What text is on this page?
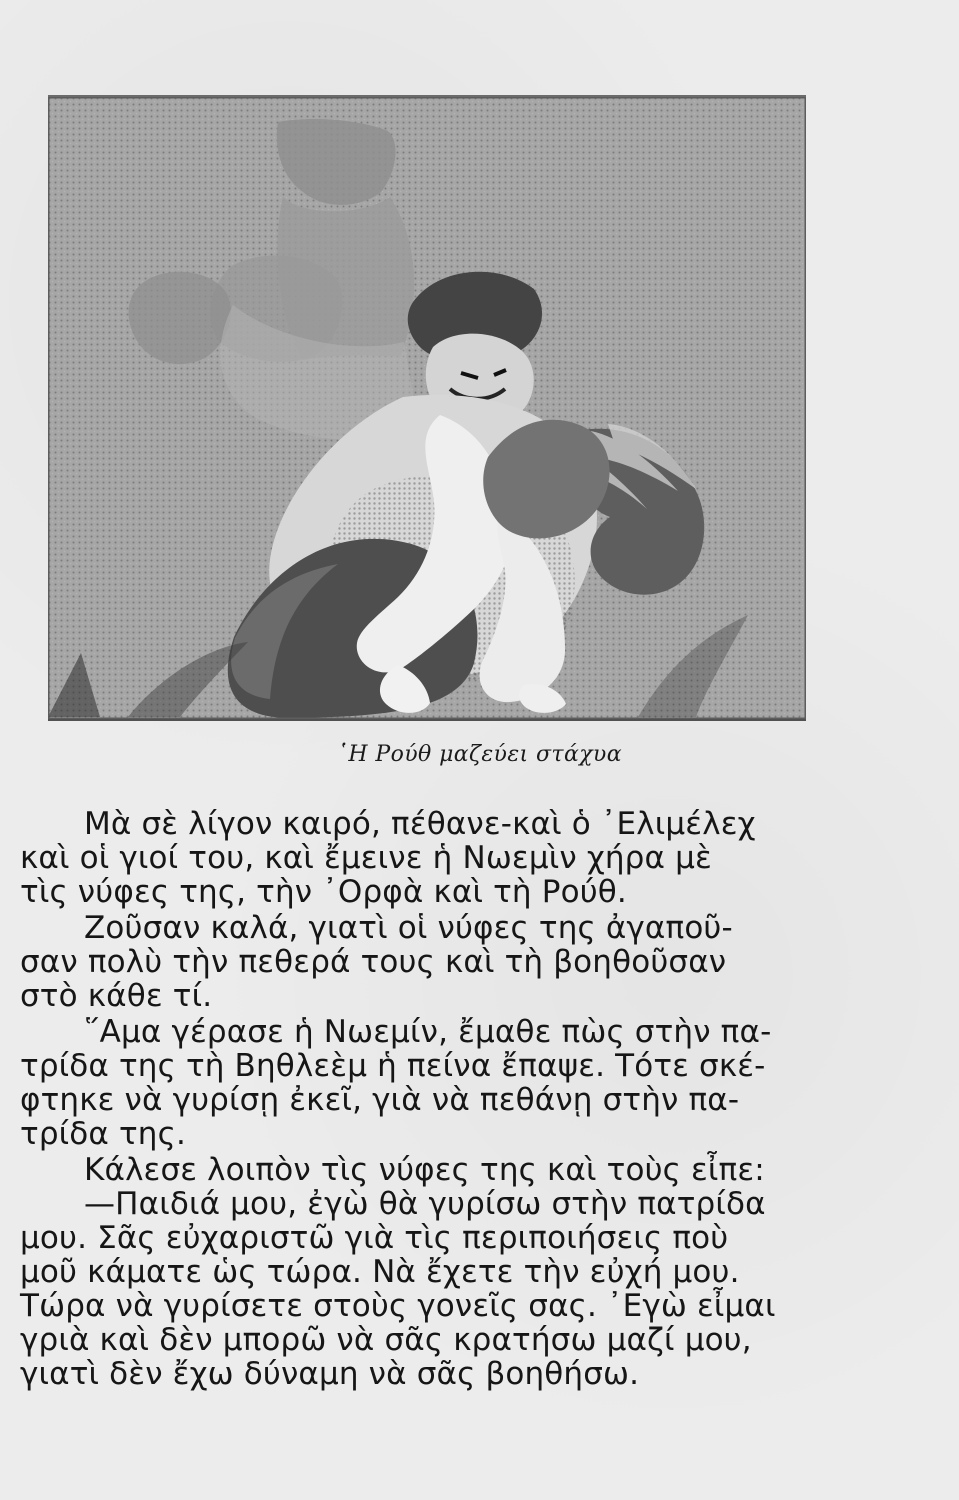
῾Η Ρούθ μαζεύει στάχυα
Μὰ σὲ λίγον καιρό, πέθανε-καὶ ὁ ᾿Ελιμέλεχ
καὶ οἱ γιοί του, καὶ ἔμεινε ἡ Νωεμὶν χήρα μὲ
τὶς νύφες της, τὴν ᾿Ορφὰ καὶ τὴ Ρούθ.
Ζοῦσαν καλά, γιατὶ οἱ νύφες της ἀγαποῦ-
σαν πολὺ τὴν πεθερά τους καὶ τὴ βοηθοῦσαν
στὸ κάθε τί.
῞Αμα γέρασε ἡ Νωεμίν, ἔμαθε πὼς στὴν πα-
τρίδα της τὴ Βηθλεὲμ ἡ πείνα ἔπαψε. Τότε σκέ-
φτηκε νὰ γυρίσῃ ἐκεῖ, γιὰ νὰ πεθάνῃ στὴν πα-
τρίδα της.
Κάλεσε λοιπὸν τὶς νύφες της καὶ τοὺς εἶπε:
—Παιδιά μου, ἐγὼ θὰ γυρίσω στὴν πατρίδα
μου. Σᾶς εὐχαριστῶ γιὰ τὶς περιποιήσεις ποὺ
μοῦ κάματε ὡς τώρα. Νὰ ἔχετε τὴν εὐχή μου.
Τώρα νὰ γυρίσετε στοὺς γονεῖς σας. ᾿Εγὼ εἶμαι
γριὰ καὶ δὲν μπορῶ νὰ σᾶς κρατήσω μαζί μου,
γιατὶ δὲν ἔχω δύναμη νὰ σᾶς βοηθήσω.
